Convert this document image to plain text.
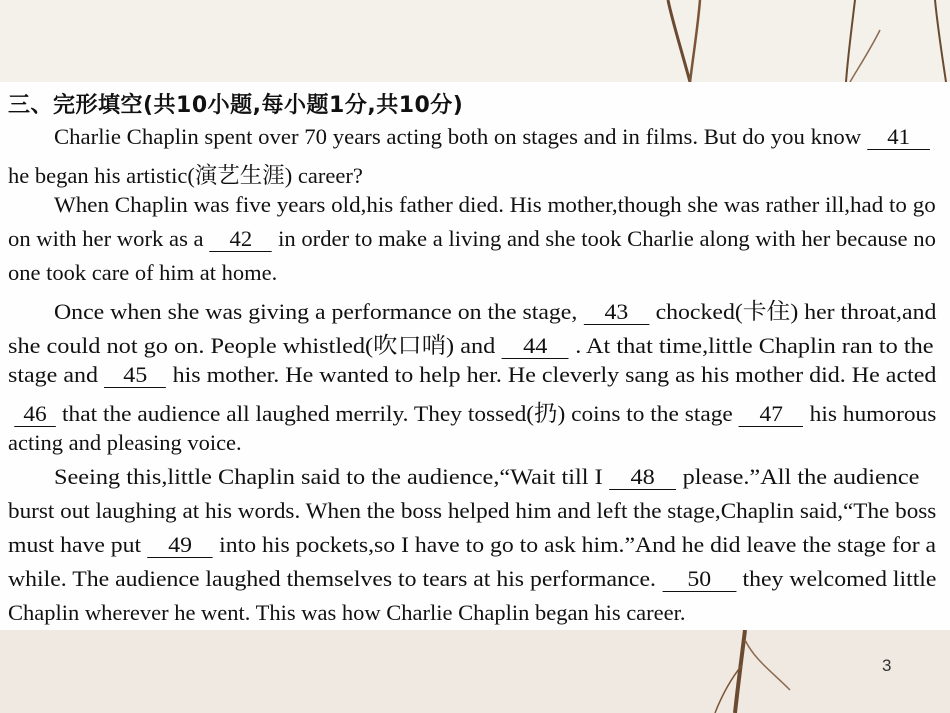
三、完形填空(共10小题,每小题1分,共10分)
Charlie Chaplin spent over 70 years acting both on stages and in films. But do you know 41
he began his artistic(演艺生涯) career?
When Chaplin was five years old,his father died. His mother,though she was rather ill,had to go
on with her work as a 42 in order to make a living and she took Charlie along with her because no
one took care of him at home.
Once when she was giving a performance on the stage, 43 chocked(卡住) her throat,and
she could not go on. People whistled(吹口哨) and 44 . At that time,little Chaplin ran to the
stage and 45 his mother. He wanted to help her. He cleverly sang as his mother did. He acted
46 that the audience all laughed merrily. They tossed(扔) coins to the stage 47 his humorous
acting and pleasing voice.
Seeing this,little Chaplin said to the audience,“Wait till I 48 please.”All the audience
burst out laughing at his words. When the boss helped him and left the stage,Chaplin said,“The boss
must have put 49 into his pockets,so I have to go to ask him.”And he did leave the stage for a
while. The audience laughed themselves to tears at his performance. 50 they welcomed little
Chaplin wherever he went. This was how Charlie Chaplin began his career.
3
